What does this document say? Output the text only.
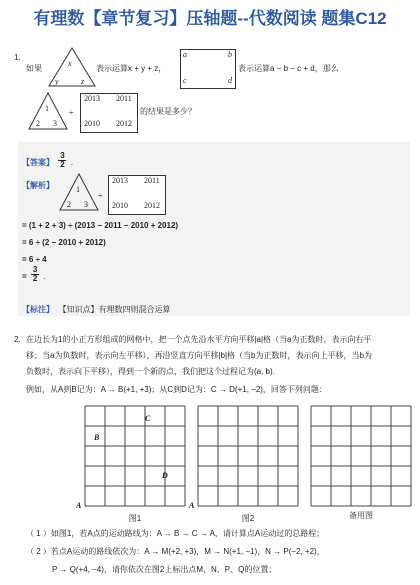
有理数【章节复习】压轴题--代数阅读 题集C12
1.
如果
x
y	z
表示运算x + y + z，
a	b
c	d
表示运算a − b − c + d，那么
1
2 3
÷
2013 2011
2010 2012
的结果是多少？
【答案】 $\frac{3}{2}$ .
【解析】	1
2 3
÷
2013 2011
2010 2012
= (1 + 2 + 3) ÷ (2013 − 2011 − 2010 + 2012)
= 6 ÷ (2 − 2010 + 2012)
= 6 ÷ 4
= $\frac{3}{2}$ .
【标注】 【知识点】有理数四则混合运算
2. 在边长为1的小正方形组成的网格中，把一个点先沿水平方向平移|a|格（当a为正数时，表示向右平
移；当a为负数时，表示向左平移），再沿竖直方向平移|b|格（当b为正数时，表示向上平移，当b为
负数时，表示向下平移），得到一个新的点，我们把这个过程记为(a, b).
例如，从A到B记为：A → B(+1, +3)；从C到D记为：C → D(+1, −2)，回答下列问题：
A
B
C
D
图1
A
图2	备用图
（ 1 ）如图1，若A点的运动路线为：A → B → C → A，请计算点A运动过的总路程；
（ 2 ）若点A运动的路线依次为：A → M(+2, +3)，M → N(+1, −1)，N → P(−2, +2)，
P → Q(+4, −4)，请你依次在图2上标出点M、N、P、Q的位置；
